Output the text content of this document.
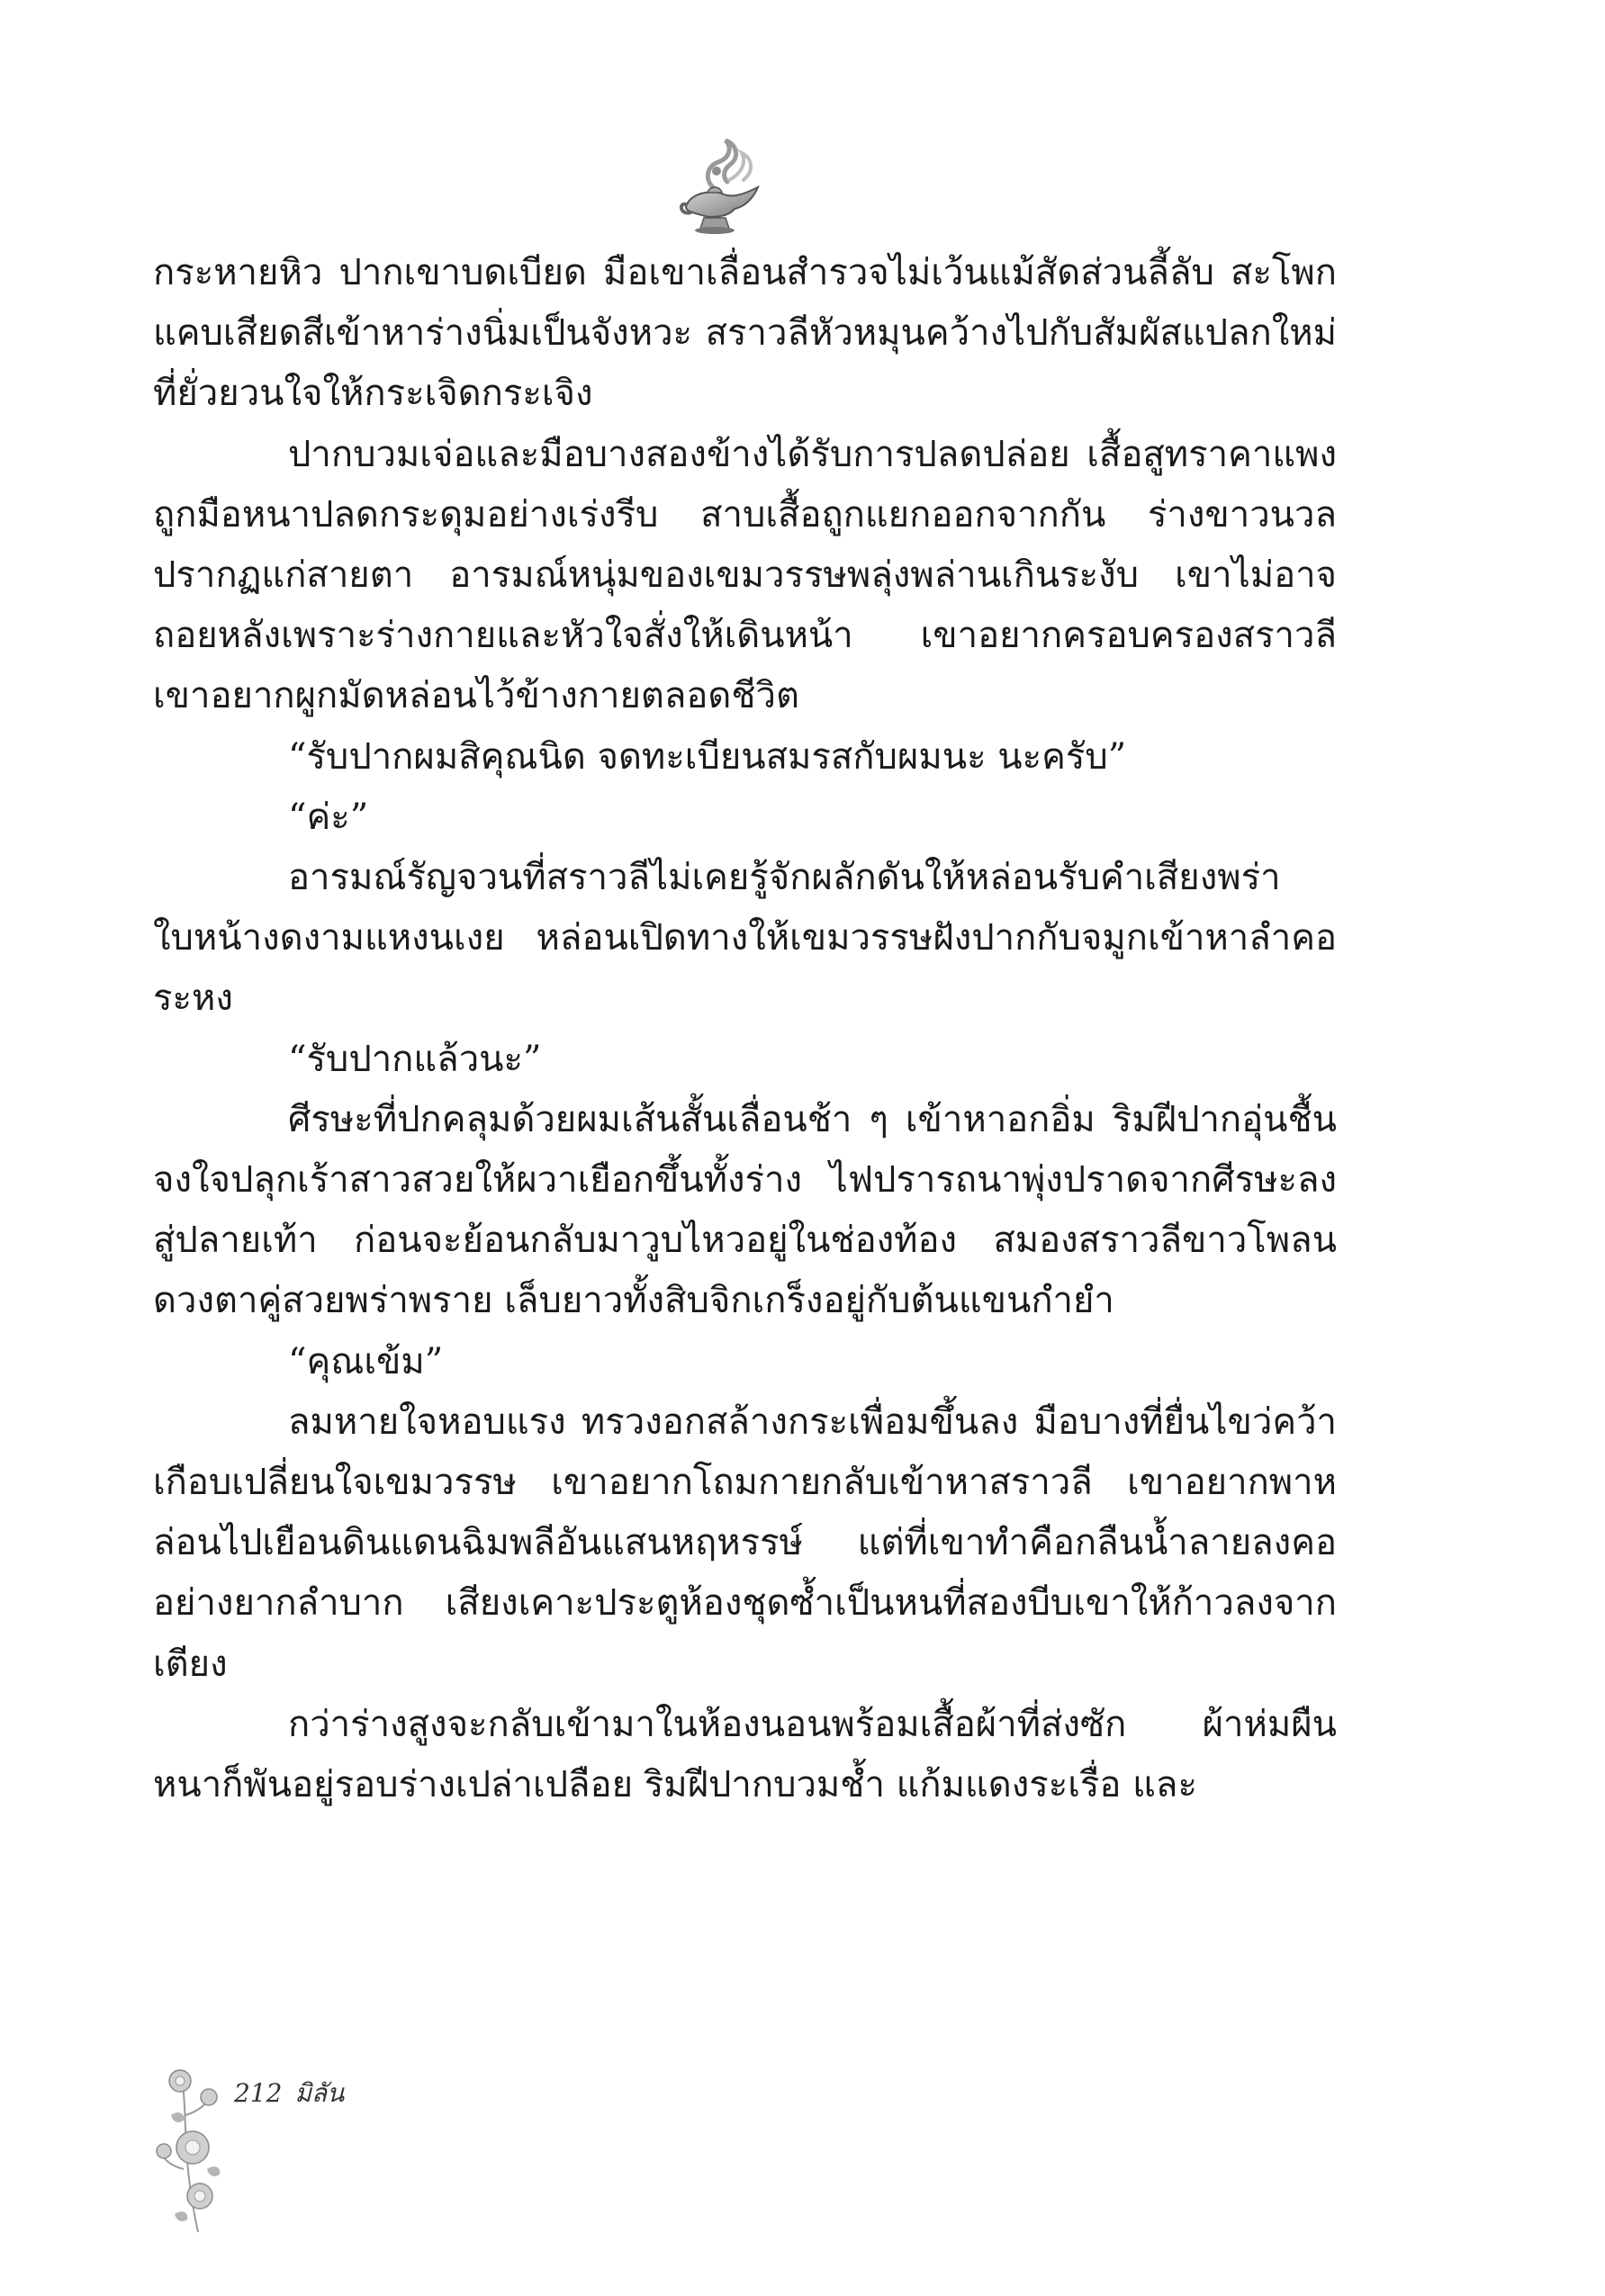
กระหายหิว ปากเขาบดเบียด มือเขาเลื่อนสำรวจไม่เว้นแม้สัดส่วนลี้ลับ สะโพกแคบเสียดสีเข้าหาร่างนิ่มเป็นจังหวะ สราวลีหัวหมุนคว้างไปกับสัมผัสแปลกใหม่ที่ยั่วยวนใจให้กระเจิดกระเจิง

ปากบวมเจ่อและมือบางสองข้างได้รับการปลดปล่อย เสื้อสูทราคาแพงถูกมือหนาปลดกระดุมอย่างเร่งรีบ สาบเสื้อถูกแยกออกจากกัน ร่างขาวนวลปรากฏแก่สายตา อารมณ์หนุ่มของเขมวรรษพลุ่งพล่านเกินระงับ เขาไม่อาจถอยหลังเพราะร่างกายและหัวใจสั่งให้เดินหน้า เขาอยากครอบครองสราวลี เขาอยากผูกมัดหล่อนไว้ข้างกายตลอดชีวิต

“รับปากผมสิคุณนิด จดทะเบียนสมรสกับผมนะ นะครับ”

“ค่ะ”

อารมณ์รัญจวนที่สราวลีไม่เคยรู้จักผลักดันให้หล่อนรับคำเสียงพร่า ใบหน้างดงามแหงนเงย หล่อนเปิดทางให้เขมวรรษฝังปากกับจมูกเข้าหาลำคอระหง

“รับปากแล้วนะ”

ศีรษะที่ปกคลุมด้วยผมเส้นสั้นเลื่อนช้า ๆ เข้าหาอกอิ่ม ริมฝีปากอุ่นชื้นจงใจปลุกเร้าสาวสวยให้ผวาเยือกขึ้นทั้งร่าง ไฟปรารถนาพุ่งปราดจากศีรษะลงสู่ปลายเท้า ก่อนจะย้อนกลับมาวูบไหวอยู่ในช่องท้อง สมองสราวลีขาวโพลน ดวงตาคู่สวยพร่าพราย เล็บยาวทั้งสิบจิกเกร็งอยู่กับต้นแขนกำยำ

“คุณเข้ม”

ลมหายใจหอบแรง ทรวงอกสล้างกระเพื่อมขึ้นลง มือบางที่ยื่นไขว่คว้าเกือบเปลี่ยนใจเขมวรรษ เขาอยากโถมกายกลับเข้าหาสราวลี เขาอยากพาหล่อนไปเยือนดินแดนฉิมพลีอันแสนหฤหรรษ์ แต่ที่เขาทำคือกลืนน้ำลายลงคออย่างยากลำบาก เสียงเคาะประตูห้องชุดซ้ำเป็นหนที่สองบีบเขาให้ก้าวลงจากเตียง

กว่าร่างสูงจะกลับเข้ามาในห้องนอนพร้อมเสื้อผ้าที่ส่งซัก ผ้าห่มผืนหนาก็พันอยู่รอบร่างเปล่าเปลือย ริมฝีปากบวมช้ำ แก้มแดงระเรื่อ และ

212 มิลัน
